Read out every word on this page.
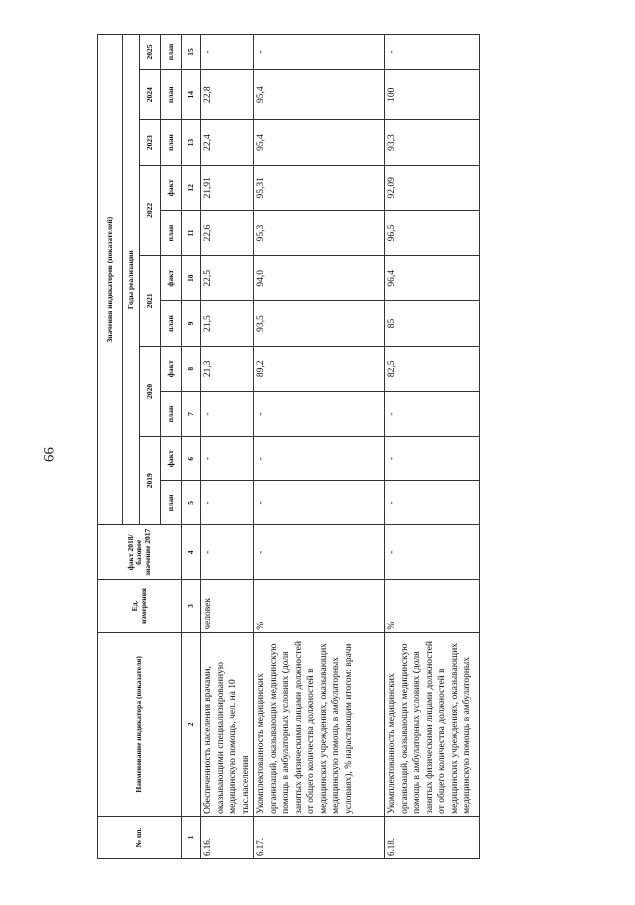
99
№ пп.	Наименование индикатора (показателя)	Ед. измерения	факт 2018/базовое значение 2017	Значения индикаторов (показателей)										
				Годы реализации										
				2019		2020		2021		2022		2023	2024	2025
				план	факт	план	факт	план	факт	план	факт	план	план	план
1	2	3	4	5	6	7	8	9	10	11	12	13	14	15
6.16.	Обеспеченность населения врачами, оказывающими специализированную медицинскую помощь, чел. на 10 тыс.населения	человек	-	-	-	-	21,3	21,5	22,5	22,6	21,91	22,4	22,8	-
6.17.	Укомплектованность медицинских организаций, оказывающих медицинскую помощь в амбулаторных условиях (доля занятых физическими лицами должностей от общего количества должностей в медицинских учреждениях, оказывающих медицинскую помощь в амбулаторных условиях), % нарастающим итогом: врачи	%	-	-	-	-	89,2	93,5	94,0	95,3	95,31	95,4	95,4	-
6.18.	Укомплектованность медицинских организаций, оказывающих медицинскую помощь в амбулаторных условиях (доля занятых физическими лицами должностей от общего количества должностей в медицинских учреждениях, оказывающих медицинскую помощь в амбулаторных	%	-	-	-	-	82,5	85	96,4	96,5	92,09	93,3	100	-
